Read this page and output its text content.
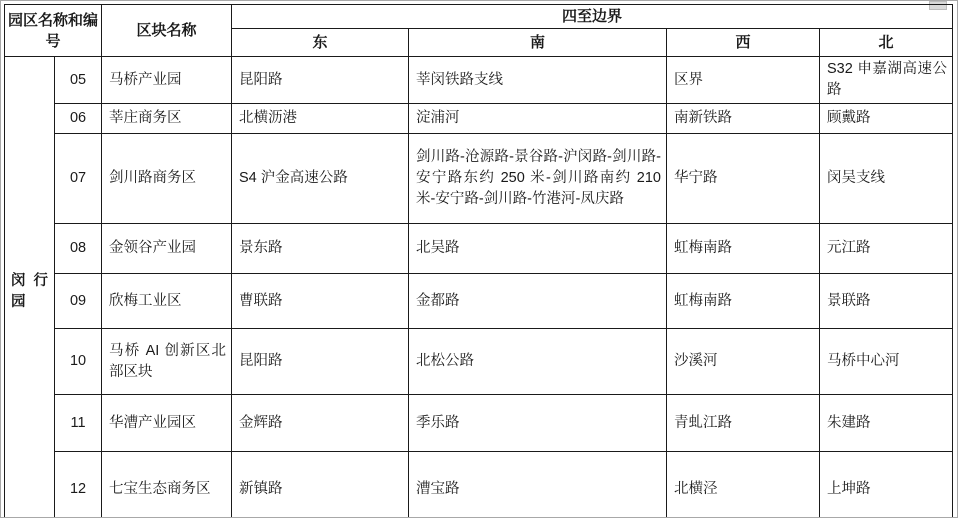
园区名称和编号		区块名称	四至边界			
			东	南	西	北
闵行园	05	马桥产业园	昆阳路	莘闵铁路支线	区界	S32 申嘉湖高速公路
	06	莘庄商务区	北横沥港	淀浦河	南新铁路	顾戴路
	07	剑川路商务区	S4 沪金高速公路	剑川路-沧源路-景谷路-沪闵路-剑川路-安宁路东约 250 米-剑川路南约 210 米-安宁路-剑川路-竹港河-凤庆路	华宁路	闵吴支线
	08	金领谷产业园	景东路	北吴路	虹梅南路	元江路
	09	欣梅工业区	曹联路	金都路	虹梅南路	景联路
	10	马桥 AI 创新区北部区块	昆阳路	北松公路	沙溪河	马桥中心河
	11	华漕产业园区	金辉路	季乐路	青虬江路	朱建路
	12	七宝生态商务区	新镇路	漕宝路	北横泾	上坤路
